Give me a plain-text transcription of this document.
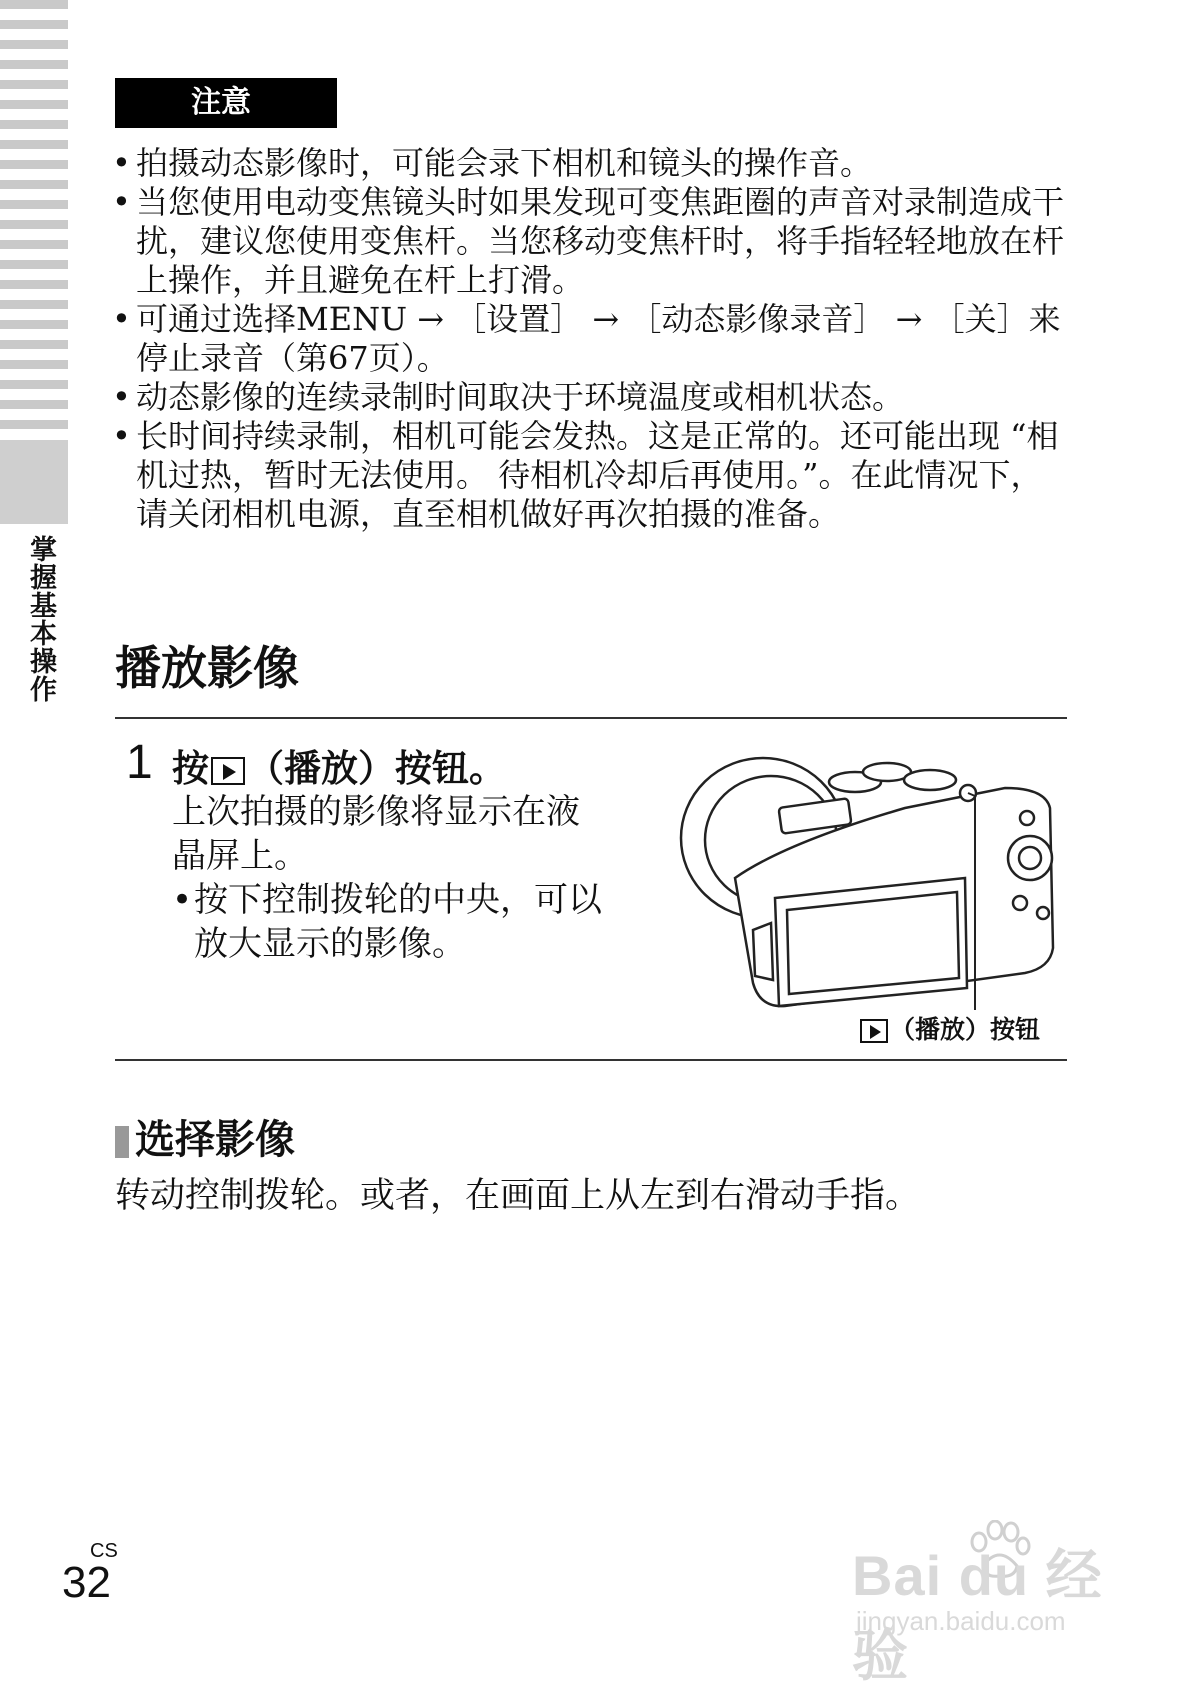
掌握基本操作
注意
• 拍摄动态影像时，可能会录下相机和镜头的操作音。
• 当您使用电动变焦镜头时如果发现可变焦距圈的声音对录制造成干扰，建议您使用变焦杆。当您移动变焦杆时，将手指轻轻地放在杆上操作，并且避免在杆上打滑。
• 可通过选择MENU → ［设置］ → ［动态影像录音］ → ［关］来停止录音（第67页）。
• 动态影像的连续录制时间取决于环境温度或相机状态。
• 长时间持续录制，相机可能会发热。这是正常的。还可能出现 “相机过热，暂时无法使用。 待相机冷却后再使用。”。在此情况下，请关闭相机电源，直至相机做好再次拍摄的准备。
播放影像
1 按 （播放）按钮。
上次拍摄的影像将显示在液晶屏上。
• 按下控制拨轮的中央，可以放大显示的影像。
（播放）按钮
选择影像
转动控制拨轮。或者，在画面上从左到右滑动手指。
CS
32	Bai du 经验
jingyan.baidu.com
